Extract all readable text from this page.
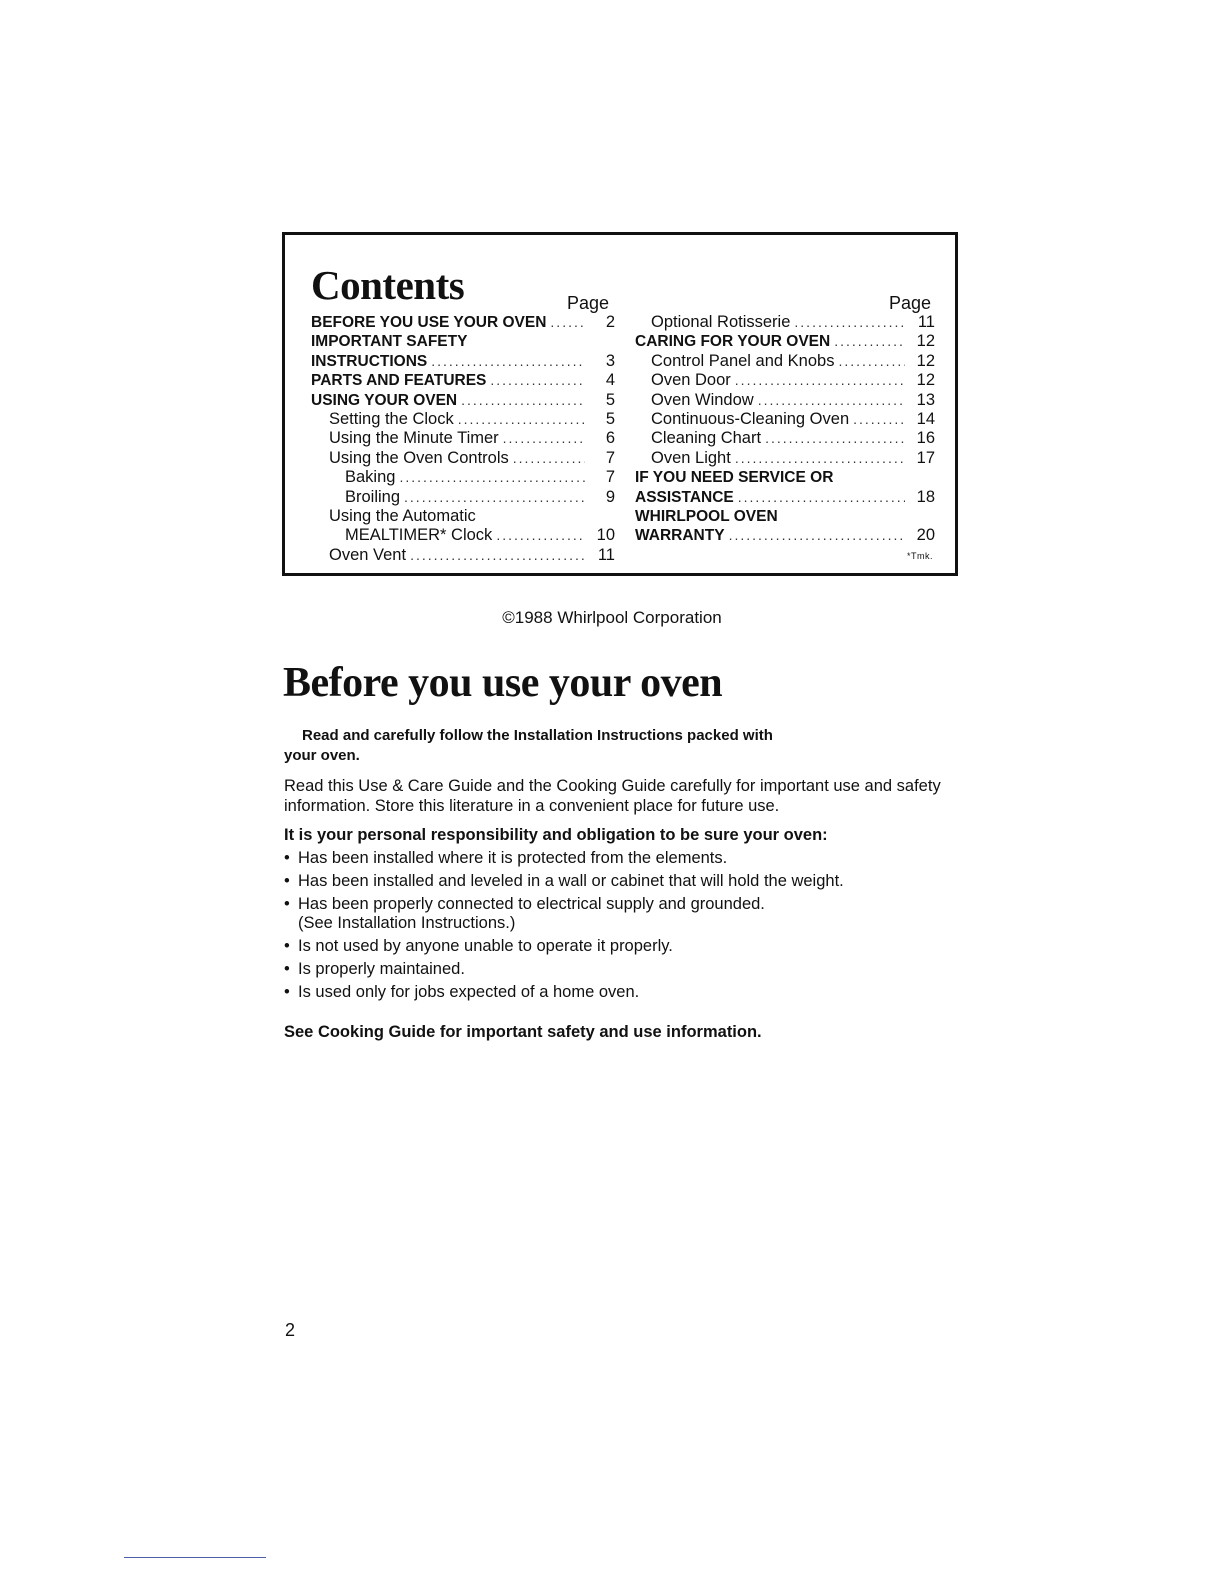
Contents	Page	Page
BEFORE YOU USE YOUR OVEN .....	2
IMPORTANT SAFETY
INSTRUCTIONS .....	3
PARTS AND FEATURES .....	4
USING YOUR OVEN .....	5
Setting the Clock .....	5
Using the Minute Timer .....	6
Using the Oven Controls .....	7
Baking .....	7
Broiling .....	9
Using the Automatic
MEALTIMER* Clock .....	10
Oven Vent .....	11
Optional Rotisserie .....	11
CARING FOR YOUR OVEN .....	12
Control Panel and Knobs .....	12
Oven Door .....	12
Oven Window .....	13
Continuous-Cleaning Oven .....	14
Cleaning Chart .....	16
Oven Light .....	17
IF YOU NEED SERVICE OR
ASSISTANCE .....	18
WHIRLPOOL OVEN
WARRANTY .....	20
*Tmk.
©1988 Whirlpool Corporation
Before you use your oven

Read and carefully follow the Installation Instructions packed with
your oven.

Read this Use & Care Guide and the Cooking Guide carefully for important use and safety information. Store this literature in a convenient place for future use.

It is your personal responsibility and obligation to be sure your oven:

• Has been installed where it is protected from the elements.
• Has been installed and leveled in a wall or cabinet that will hold the weight.
• Has been properly connected to electrical supply and grounded.
(See Installation Instructions.)
• Is not used by anyone unable to operate it properly.
• Is properly maintained.
• Is used only for jobs expected of a home oven.

See Cooking Guide for important safety and use information.

2
